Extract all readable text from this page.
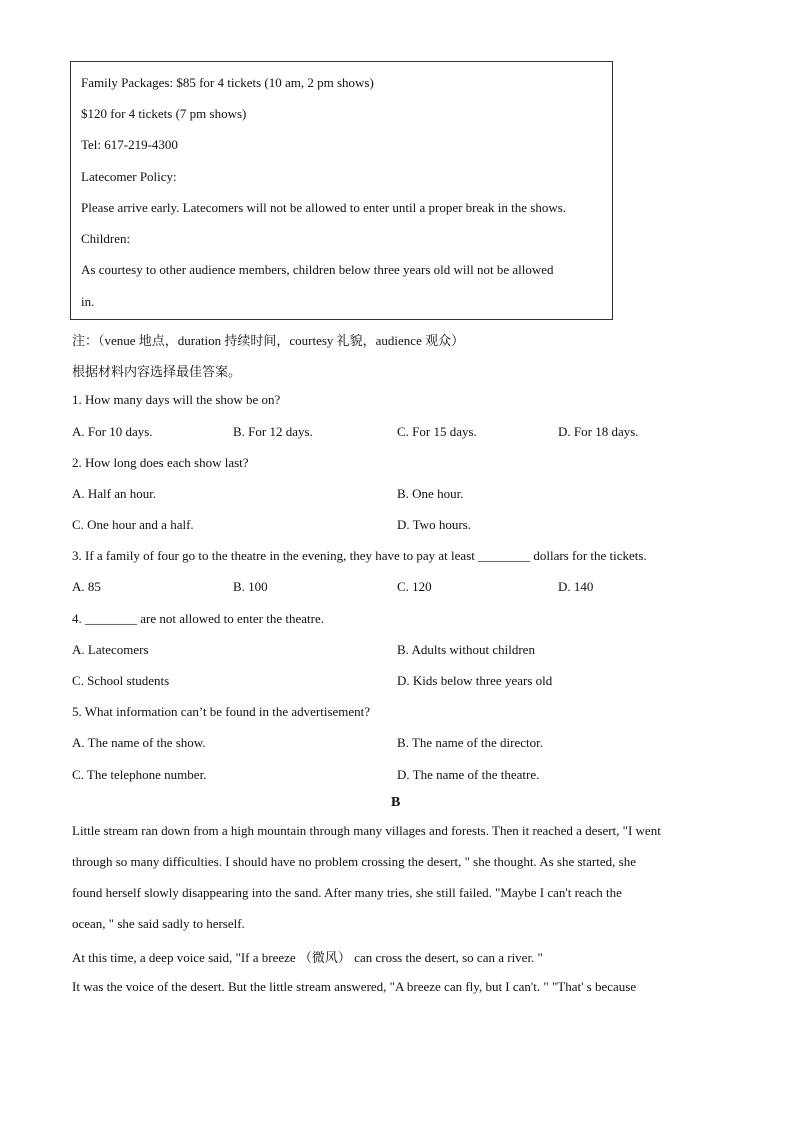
Family Packages: $85 for 4 tickets (10 am, 2 pm shows)
$120 for 4 tickets (7 pm shows)
Tel: 617-219-4300
Latecomer Policy:
Please arrive early. Latecomers will not be allowed to enter until a proper break in the shows.
Children:
As courtesy to other audience members, children below three years old will not be allowed
in.
注：（venue 地点，duration 持续时间，courtesy 礼貌，audience 观众）
根据材料内容选择最佳答案。
1. How many days will the show be on?
A. For 10 days.	B. For 12 days.	C. For 15 days.	D. For 18 days.
2. How long does each show last?
A. Half an hour.	B. One hour.
C. One hour and a half.	D. Two hours.
3. If a family of four go to the theatre in the evening, they have to pay at least ________ dollars for the tickets.
A. 85	B. 100	C. 120	D. 140
4. ________ are not allowed to enter the theatre.
A. Latecomers	B. Adults without children
C. School students	D. Kids below three years old
5. What information can’t be found in the advertisement?
A. The name of the show.	B. The name of the director.
C. The telephone number.	D. The name of the theatre.
B
Little stream ran down from a high mountain through many villages and forests. Then it reached a desert, "I went
through so many difficulties. I should have no problem crossing the desert, " she thought. As she started, she
found herself slowly disappearing into the sand. After many tries, she still failed. "Maybe I can't reach the
ocean, " she said sadly to herself.
At this time, a deep voice said, "If a breeze （微风） can cross the desert, so can a river. "
It was the voice of the desert. But the little stream answered, "A breeze can fly, but I can't. " "That' s because
